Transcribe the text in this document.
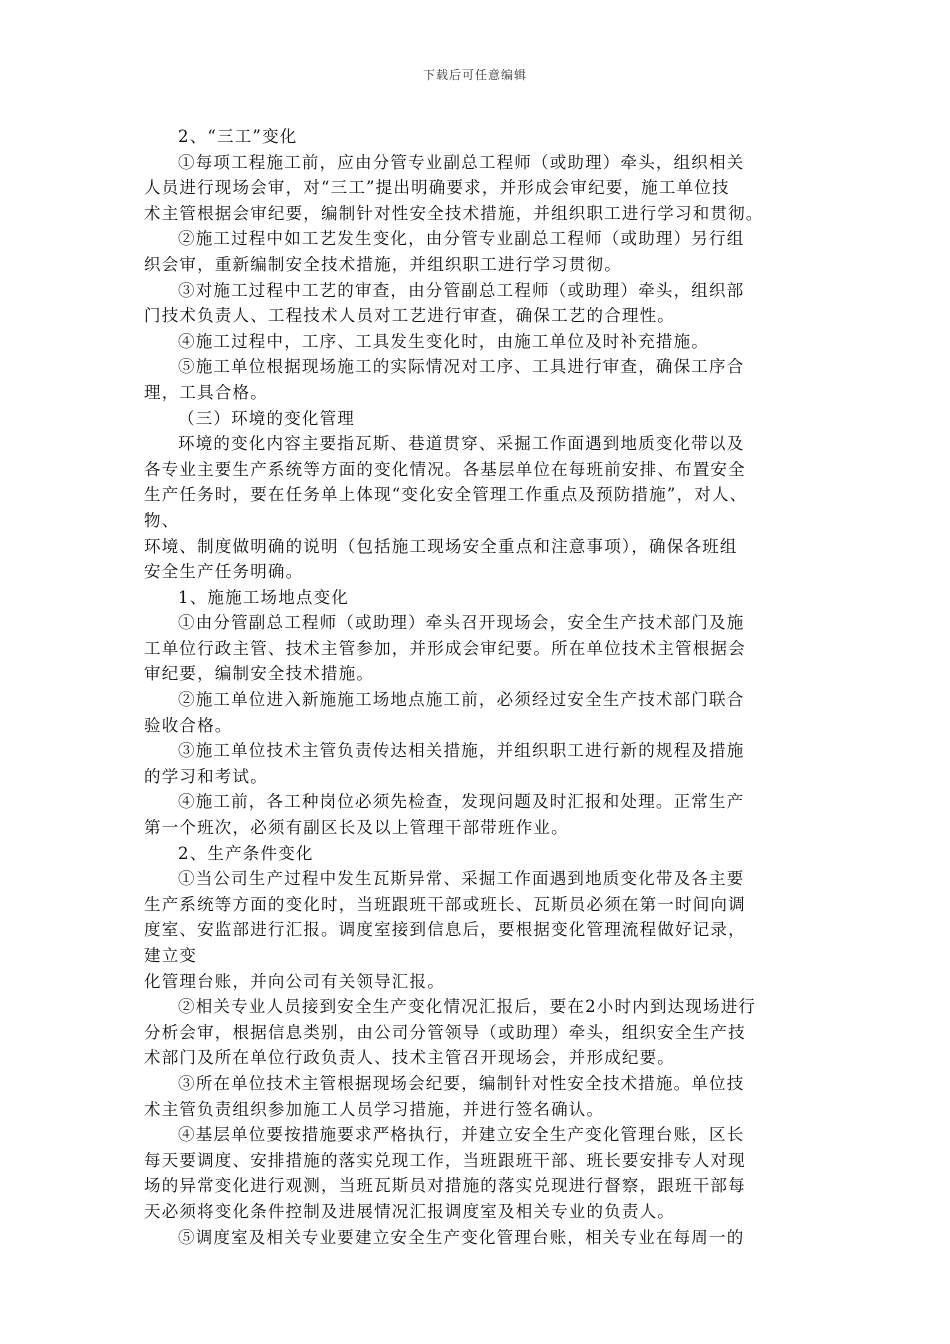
下载后可任意编辑
2、“三工”变化
①每项工程施工前，应由分管专业副总工程师（或助理）牵头，组织相关
人员进行现场会审，对“三工”提出明确要求，并形成会审纪要，施工单位技
术主管根据会审纪要，编制针对性安全技术措施，并组织职工进行学习和贯彻。
②施工过程中如工艺发生变化，由分管专业副总工程师（或助理）另行组
织会审，重新编制安全技术措施，并组织职工进行学习贯彻。
③对施工过程中工艺的审查，由分管副总工程师（或助理）牵头，组织部
门技术负责人、工程技术人员对工艺进行审查，确保工艺的合理性。
④施工过程中，工序、工具发生变化时，由施工单位及时补充措施。
⑤施工单位根据现场施工的实际情况对工序、工具进行审查，确保工序合
理，工具合格。
（三）环境的变化管理
环境的变化内容主要指瓦斯、巷道贯穿、采掘工作面遇到地质变化带以及
各专业主要生产系统等方面的变化情况。各基层单位在每班前安排、布置安全
生产任务时，要在任务单上体现“变化安全管理工作重点及预防措施”，对人、
物、
环境、制度做明确的说明（包括施工现场安全重点和注意事项），确保各班组
安全生产任务明确。
1、施施工场地点变化
①由分管副总工程师（或助理）牵头召开现场会，安全生产技术部门及施
工单位行政主管、技术主管参加，并形成会审纪要。所在单位技术主管根据会
审纪要，编制安全技术措施。
②施工单位进入新施施工场地点施工前，必须经过安全生产技术部门联合
验收合格。
③施工单位技术主管负责传达相关措施，并组织职工进行新的规程及措施
的学习和考试。
④施工前，各工种岗位必须先检查，发现问题及时汇报和处理。正常生产
第一个班次，必须有副区长及以上管理干部带班作业。
2、生产条件变化
①当公司生产过程中发生瓦斯异常、采掘工作面遇到地质变化带及各主要
生产系统等方面的变化时，当班跟班干部或班长、瓦斯员必须在第一时间向调
度室、安监部进行汇报。调度室接到信息后，要根据变化管理流程做好记录，
建立变
化管理台账，并向公司有关领导汇报。
②相关专业人员接到安全生产变化情况汇报后，要在2小时内到达现场进行
分析会审，根据信息类别，由公司分管领导（或助理）牵头，组织安全生产技
术部门及所在单位行政负责人、技术主管召开现场会，并形成纪要。
③所在单位技术主管根据现场会纪要，编制针对性安全技术措施。单位技
术主管负责组织参加施工人员学习措施，并进行签名确认。
④基层单位要按措施要求严格执行，并建立安全生产变化管理台账，区长
每天要调度、安排措施的落实兑现工作，当班跟班干部、班长要安排专人对现
场的异常变化进行观测，当班瓦斯员对措施的落实兑现进行督察，跟班干部每
天必须将变化条件控制及进展情况汇报调度室及相关专业的负责人。
⑤调度室及相关专业要建立安全生产变化管理台账，相关专业在每周一的
